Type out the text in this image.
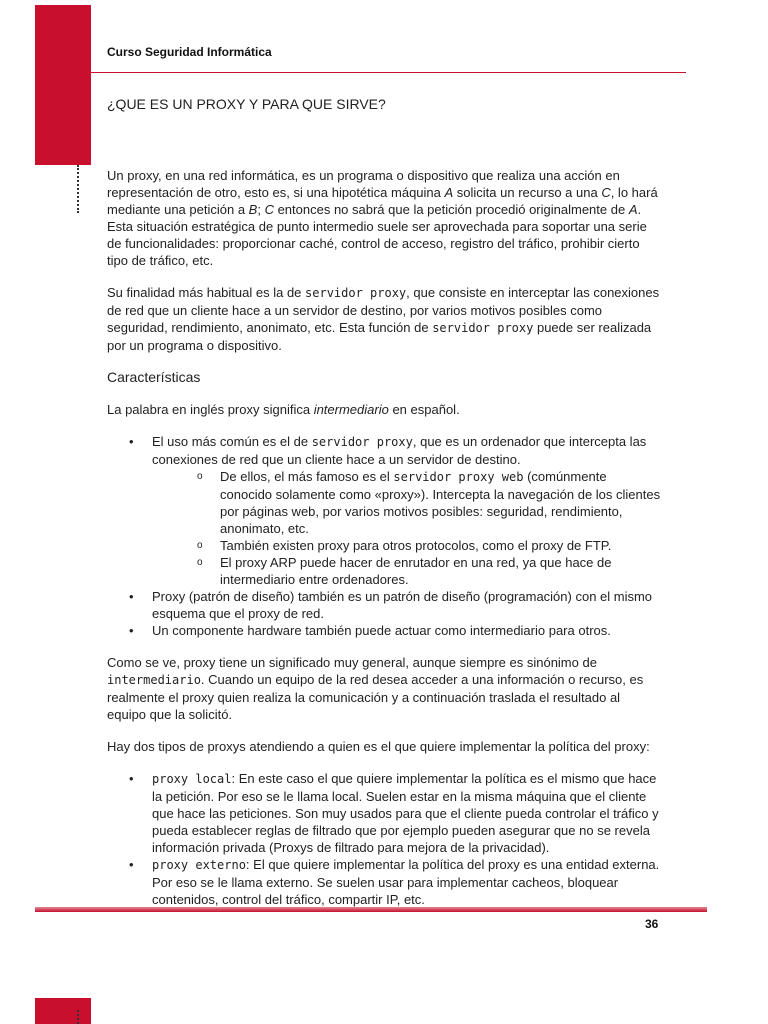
Curso Seguridad Informática
¿QUE ES UN PROXY Y PARA QUE SIRVE?

Un proxy, en una red informática, es un programa o dispositivo que realiza una acción en representación de otro, esto es, si una hipotética máquina A solicita un recurso a una C, lo hará mediante una petición a B; C entonces no sabrá que la petición procedió originalmente de A. Esta situación estratégica de punto intermedio suele ser aprovechada para soportar una serie de funcionalidades: proporcionar caché, control de acceso, registro del tráfico, prohibir cierto tipo de tráfico, etc.

Su finalidad más habitual es la de servidor proxy, que consiste en interceptar las conexiones de red que un cliente hace a un servidor de destino, por varios motivos posibles como seguridad, rendimiento, anonimato, etc. Esta función de servidor proxy puede ser realizada por un programa o dispositivo.

Características

La palabra en inglés proxy significa intermediario en español.

• El uso más común es el de servidor proxy, que es un ordenador que intercepta las conexiones de red que un cliente hace a un servidor de destino.
o De ellos, el más famoso es el servidor proxy web (comúnmente conocido solamente como «proxy»). Intercepta la navegación de los clientes por páginas web, por varios motivos posibles: seguridad, rendimiento, anonimato, etc.
o También existen proxy para otros protocolos, como el proxy de FTP.
o El proxy ARP puede hacer de enrutador en una red, ya que hace de intermediario entre ordenadores.
• Proxy (patrón de diseño) también es un patrón de diseño (programación) con el mismo esquema que el proxy de red.
• Un componente hardware también puede actuar como intermediario para otros.

Como se ve, proxy tiene un significado muy general, aunque siempre es sinónimo de intermediario. Cuando un equipo de la red desea acceder a una información o recurso, es realmente el proxy quien realiza la comunicación y a continuación traslada el resultado al equipo que la solicitó.

Hay dos tipos de proxys atendiendo a quien es el que quiere implementar la política del proxy:

• proxy local: En este caso el que quiere implementar la política es el mismo que hace la petición. Por eso se le llama local. Suelen estar en la misma máquina que el cliente que hace las peticiones. Son muy usados para que el cliente pueda controlar el tráfico y pueda establecer reglas de filtrado que por ejemplo pueden asegurar que no se revela información privada (Proxys de filtrado para mejora de la privacidad).
• proxy externo: El que quiere implementar la política del proxy es una entidad externa. Por eso se le llama externo. Se suelen usar para implementar cacheos, bloquear contenidos, control del tráfico, compartir IP, etc.
36
